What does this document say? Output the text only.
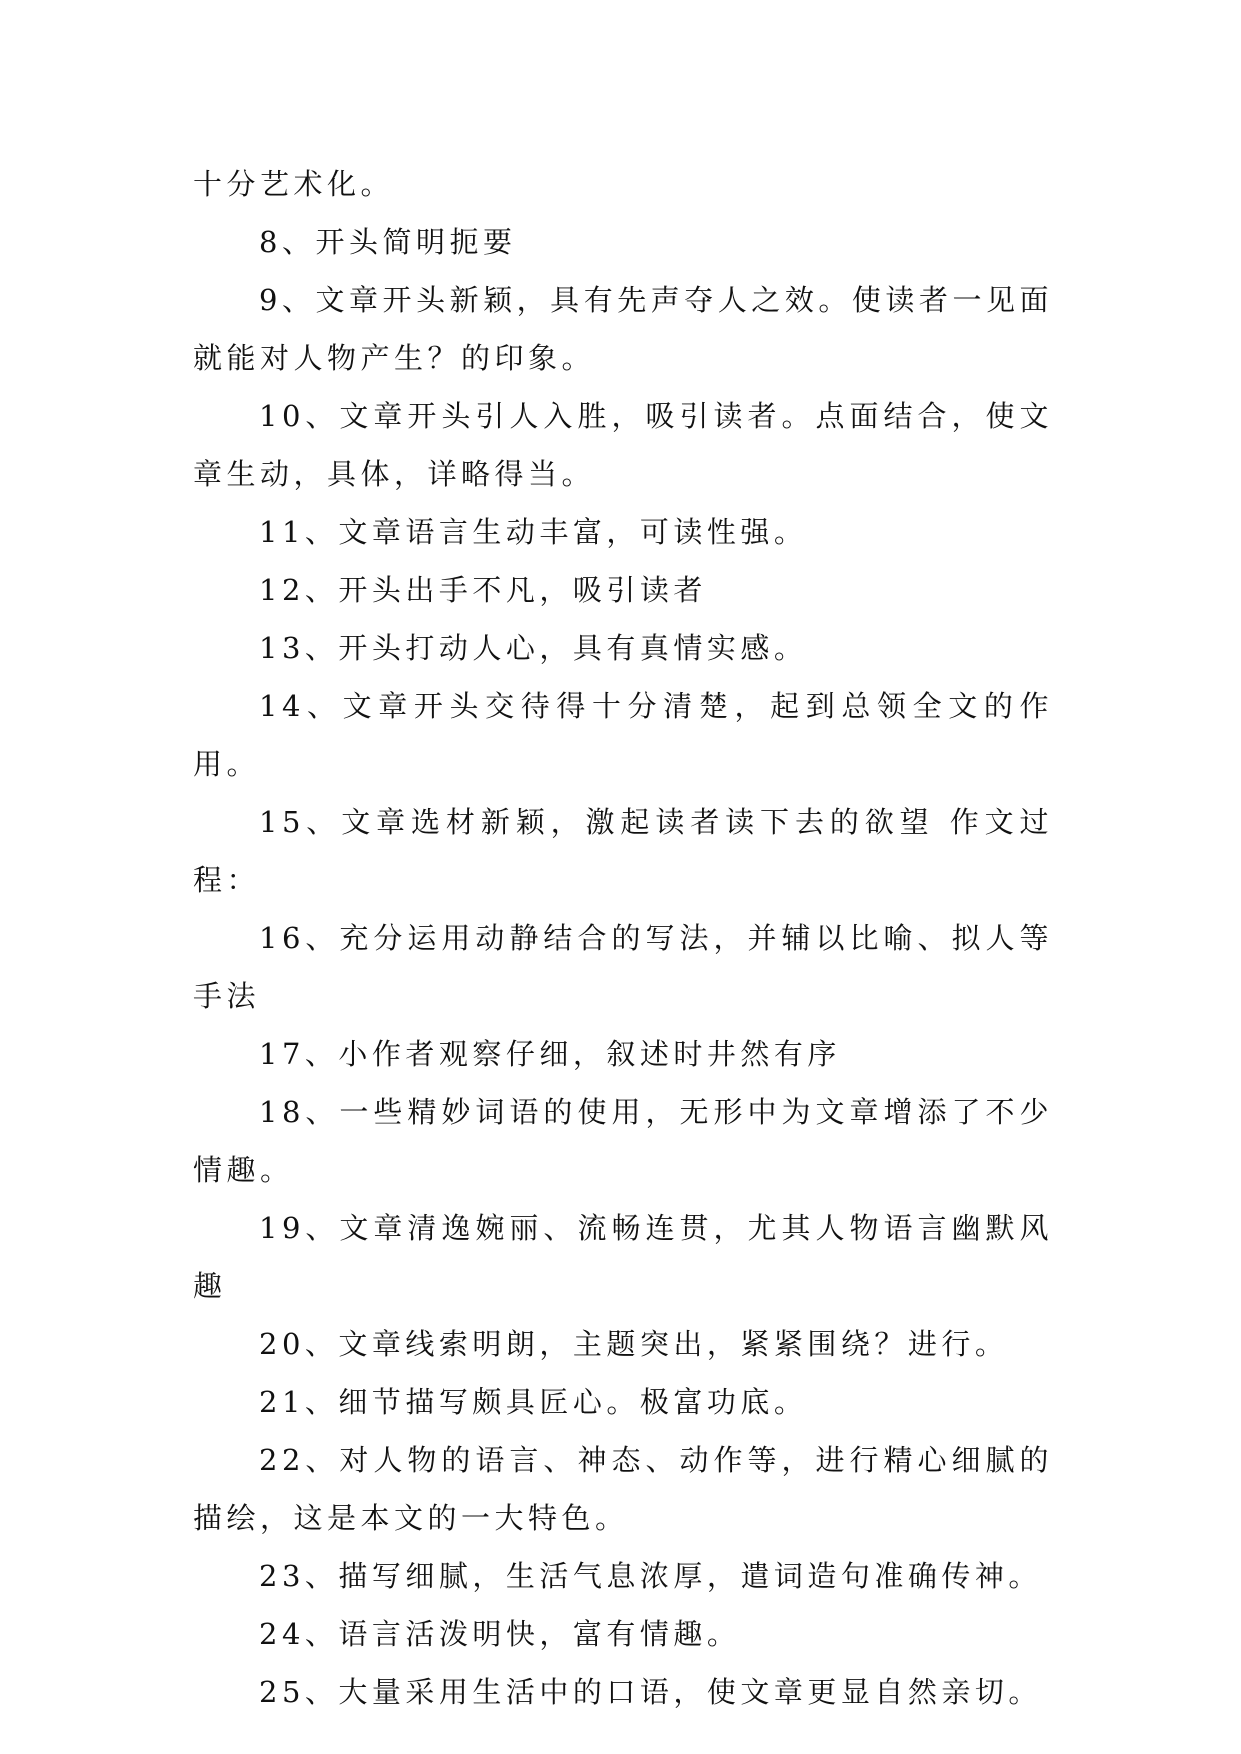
十分艺术化。

8、开头简明扼要

9、文章开头新颖，具有先声夺人之效。使读者一见面就能对人物产生？的印象。

10、文章开头引人入胜，吸引读者。点面结合，使文章生动，具体，详略得当。

11、文章语言生动丰富，可读性强。

12、开头出手不凡，吸引读者

13、开头打动人心，具有真情实感。

14、文章开头交待得十分清楚，起到总领全文的作用。

15、文章选材新颖，激起读者读下去的欲望 作文过程：

16、充分运用动静结合的写法，并辅以比喻、拟人等手法

17、小作者观察仔细，叙述时井然有序

18、一些精妙词语的使用，无形中为文章增添了不少情趣。

19、文章清逸婉丽、流畅连贯，尤其人物语言幽默风趣

20、文章线索明朗，主题突出，紧紧围绕？进行。

21、细节描写颇具匠心。极富功底。

22、对人物的语言、神态、动作等，进行精心细腻的描绘，这是本文的一大特色。

23、描写细腻，生活气息浓厚，遣词造句准确传神。

24、语言活泼明快，富有情趣。

25、大量采用生活中的口语，使文章更显自然亲切。
